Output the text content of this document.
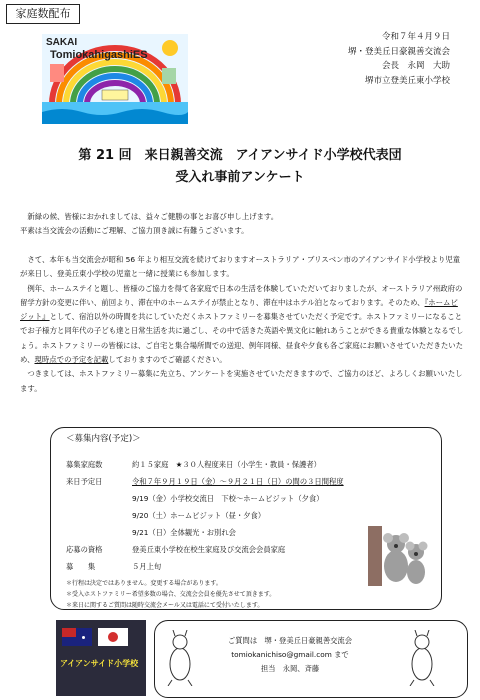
家庭数配布
SAKAI
TomiokahigashiES
令和７年４月９日
堺・登美丘日豪親善交流会
会長　永岡　大助
堺市立登美丘東小学校
第 21 回　来日親善交流　アイアンサイド小学校代表団
受入れ事前アンケート

新緑の候、皆様におかれましては、益々ご健勝の事とお喜び申し上げます。

平素は当交流会の活動にご理解、ご協力頂き誠に有難うございます。

さて、本年も当交流会が昭和 56 年より相互交流を続けておりますオーストラリア・ブリスベン市のアイアンサイド小学校より児童が来日し、登美丘東小学校の児童と一緒に授業にも参加します。

例年、ホームステイと題し、皆様のご協力を得て各家庭で日本の生活を体験していただいておりましたが、オーストラリア州政府の留学方針の変更に伴い、前回より、滞在中のホームステイが禁止となり、滞在中はホテル泊となっております。そのため、『ホームビジット』として、宿泊以外の時間を共にしていただくホストファミリーを募集させていただく予定です。ホストファミリーになることでお子様方と同年代の子ども達と日常生活を共に過ごし、その中で活きた英語や異文化に触れあうことができる貴重な体験となるでしょう。ホストファミリーの皆様には、ご自宅と集合場所間での送迎、例年同様、昼食や夕食も各ご家庭にお願いさせていただきたいため、現時点での予定を記載しておりますのでご確認ください。

つきましては、ホストファミリー募集に先立ち、アンケートを実施させていただきますので、ご協力のほど、よろしくお願いいたします。

＜募集内容(予定)＞
募集家庭数	約１５家庭　★３０人程度来日（小学生・教員・保護者）
来日予定日	令和７年９月１９日（金）～９月２１日（日）の間の３日間程度
9/19（金）小学校交流日　下校～ホームビジット（夕食）
9/20（土）ホームビジット（昼・夕食）
9/21（日）全体観光・お別れ会
応募の資格	登美丘東小学校在校生家庭及び交流会会員家庭
募　　集	５月上旬
＊行程は決定ではありません。変更する場合があります。
＊受入ホストファミリー希望多数の場合、交流会会員を優先させて頂きます。
＊来日に関するご質問は随時交流会メール又は電話にて受付いたします。
アイアンサイド小学校
ご質問は　堺・登美丘日豪親善交流会
tomiokanichiso@gmail.com まで
担当　永岡、斉藤
